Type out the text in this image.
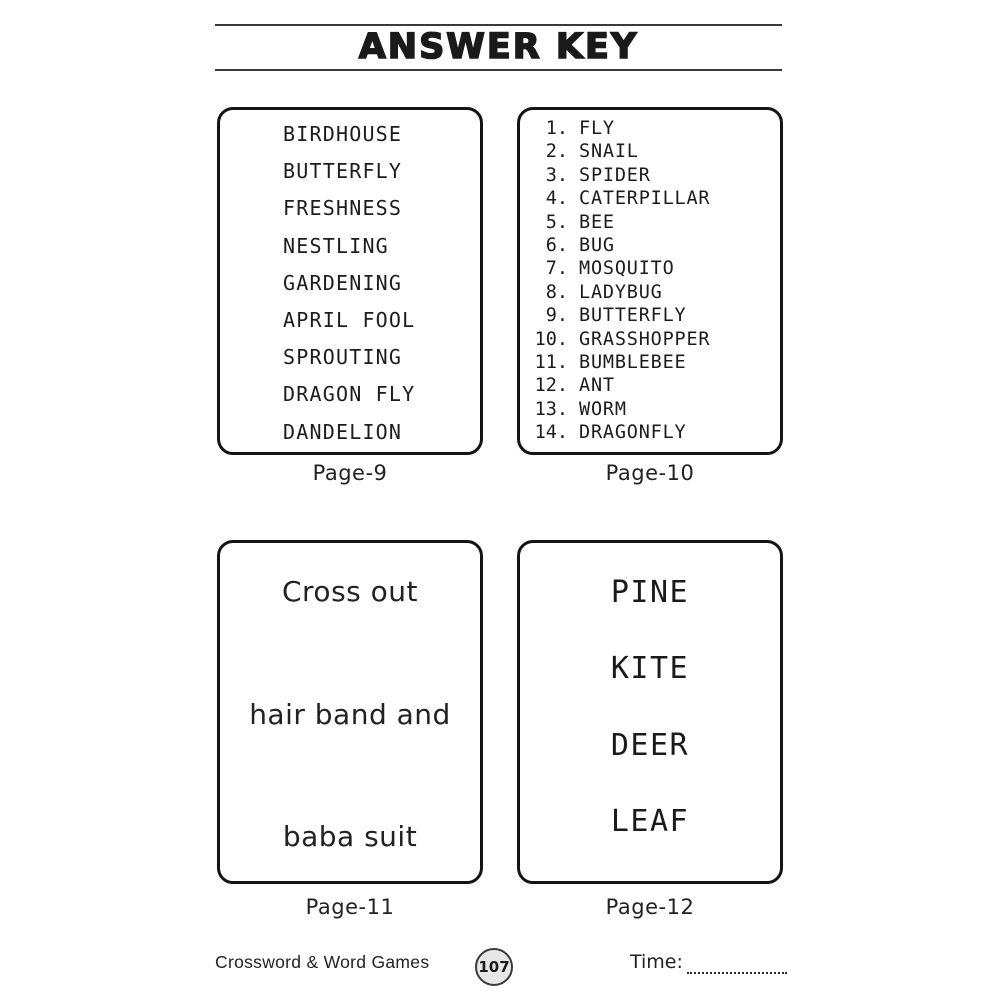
ANSWER KEY
BIRDHOUSE
BUTTERFLY
FRESHNESS
NESTLING
GARDENING
APRIL FOOL
SPROUTING
DRAGON FLY
DANDELION
Page-9
1. FLY
2. SNAIL
3. SPIDER
4. CATERPILLAR
5. BEE
6. BUG
7. MOSQUITO
8. LADYBUG
9. BUTTERFLY
10. GRASSHOPPER
11. BUMBLEBEE
12. ANT
13. WORM
14. DRAGONFLY
Page-10
Cross out
hair band and
baba suit
Page-11
PINE
KITE
DEER
LEAF
Page-12
Crossword & Word Games	107	Time:
